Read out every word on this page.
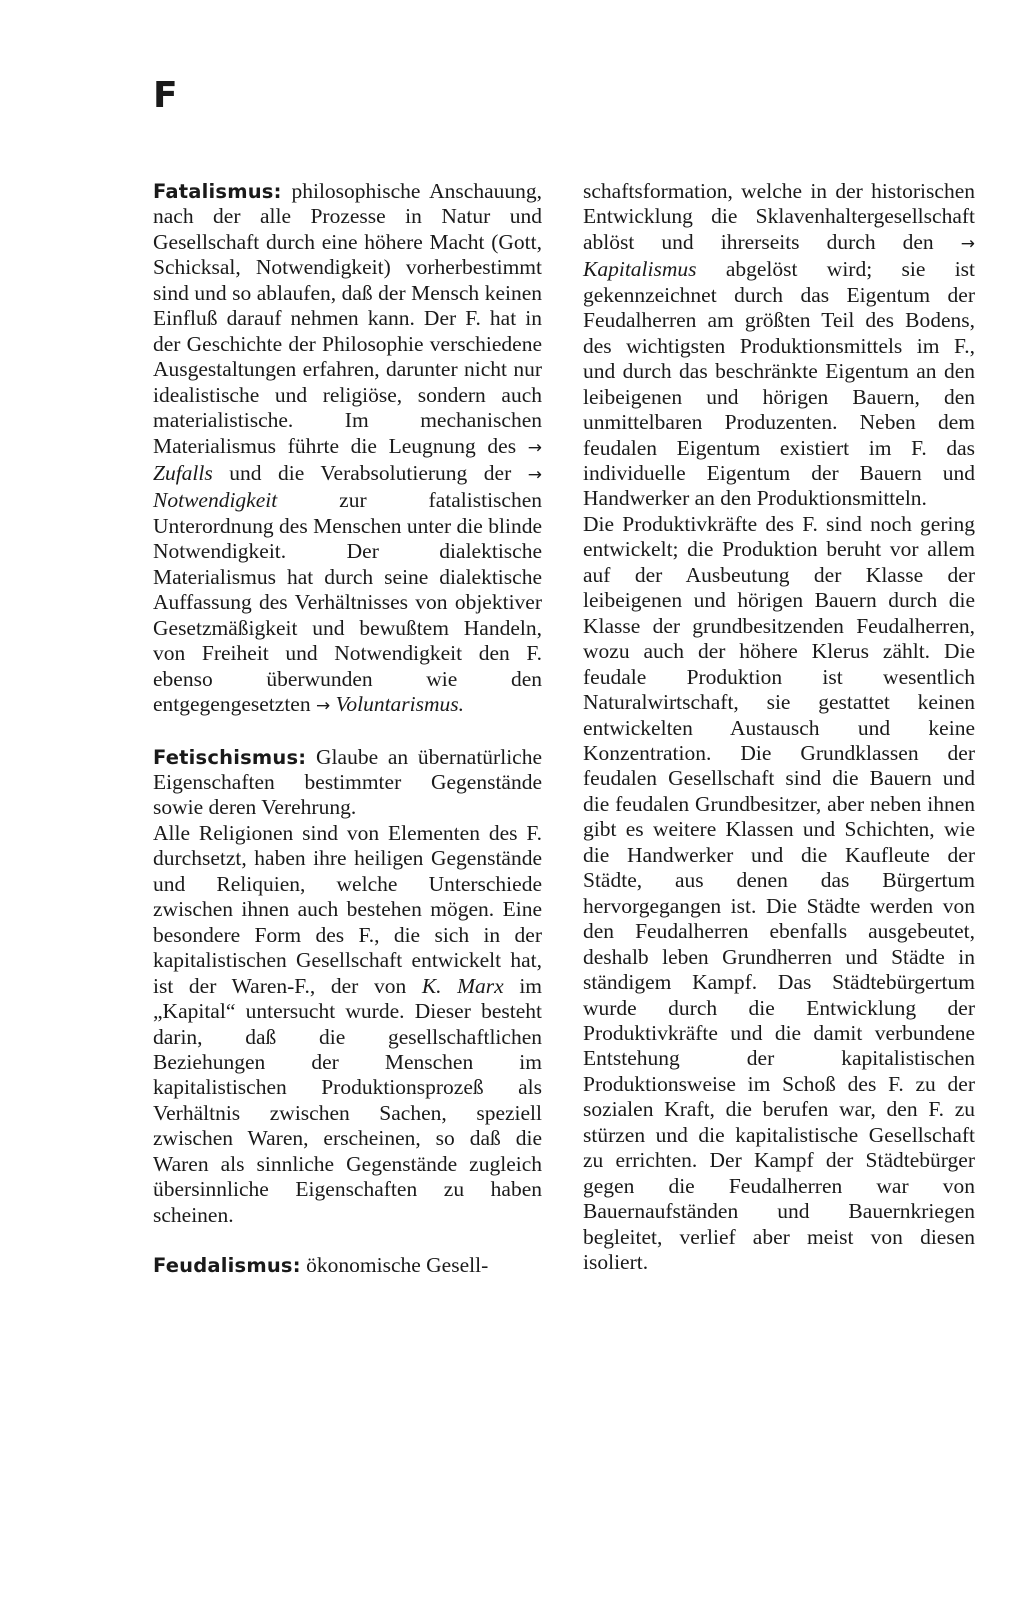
F

Fatalismus: philosophische Anschauung, nach der alle Prozesse in Natur und Gesellschaft durch eine höhere Macht (Gott, Schicksal, Notwendigkeit) vorherbestimmt sind und so ablaufen, daß der Mensch keinen Einfluß darauf nehmen kann. Der F. hat in der Geschichte der Philosophie verschiedene Ausgestaltungen erfahren, darunter nicht nur idealistische und religiöse, sondern auch materialistische. Im mechanischen Materialismus führte die Leugnung des → Zufalls und die Verabsolutierung der → Notwendigkeit	zur fatalistischen Unterordnung des Menschen unter die blinde Notwendigkeit. Der dialektische Materialismus hat durch seine dialektische Auffassung des Verhältnisses von objektiver Gesetzmäßigkeit und bewußtem Handeln, von Freiheit und Notwendigkeit den F. ebenso überwunden wie den entgegengesetzten → Voluntarismus.

Fetischismus: Glaube an übernatürliche Eigenschaften bestimmter Gegenstände sowie deren Verehrung.

Alle Religionen sind von Elementen des F. durchsetzt, haben ihre heiligen Gegenstände und Reliquien, welche Unterschiede zwischen ihnen auch bestehen mögen. Eine besondere Form des F., die sich in der kapitalistischen Gesellschaft entwickelt hat, ist der Waren-F., der von K. Marx im „Kapital“ untersucht wurde. Dieser besteht darin, daß die gesellschaftlichen Beziehungen der Menschen im kapitalistischen Produktionsprozeß als Verhältnis zwischen Sachen, speziell zwischen Waren, erscheinen, so daß die Waren als sinnliche Gegenstände zugleich übersinnliche Eigenschaften zu haben scheinen.

Feudalismus: ökonomische Gesell-

schaftsformation, welche in der historischen Entwicklung die Sklavenhaltergesellschaft ablöst und ihrerseits durch den → Kapitalismus abgelöst wird; sie ist gekennzeichnet durch das Eigentum der Feudalherren am größten Teil des Bodens, des wichtigsten Produktionsmittels im F., und durch das beschränkte Eigentum an den leibeigenen und hörigen Bauern, den unmittelbaren Produzenten. Neben dem feudalen Eigentum existiert im F. das individuelle Eigentum der Bauern und Handwerker an den Produktionsmitteln.

Die Produktivkräfte des F. sind noch gering entwickelt; die Produktion beruht vor allem auf der Ausbeutung der Klasse der leibeigenen und hörigen Bauern durch die Klasse der grundbesitzenden Feudalherren, wozu auch der höhere Klerus zählt. Die feudale Produktion ist wesentlich Naturalwirtschaft, sie gestattet keinen entwickelten Austausch und keine Konzentration. Die Grundklassen der feudalen Gesellschaft sind die Bauern und die feudalen Grundbesitzer, aber neben ihnen gibt es weitere Klassen und Schichten, wie die Handwerker und die Kaufleute der Städte, aus denen das Bürgertum hervorgegangen ist. Die Städte werden von den Feudalherren ebenfalls ausgebeutet, deshalb leben Grundherren und Städte in ständigem Kampf. Das Städtebürgertum wurde durch die Entwicklung der Produktivkräfte und die damit verbundene Entstehung der kapitalistischen Produktionsweise im Schoß des F. zu der sozialen Kraft, die berufen war, den F. zu stürzen und die kapitalistische Gesellschaft zu errichten. Der Kampf der Städtebürger gegen die Feudalherren war von Bauernaufständen und Bauernkriegen begleitet, verlief aber meist von diesen isoliert.
